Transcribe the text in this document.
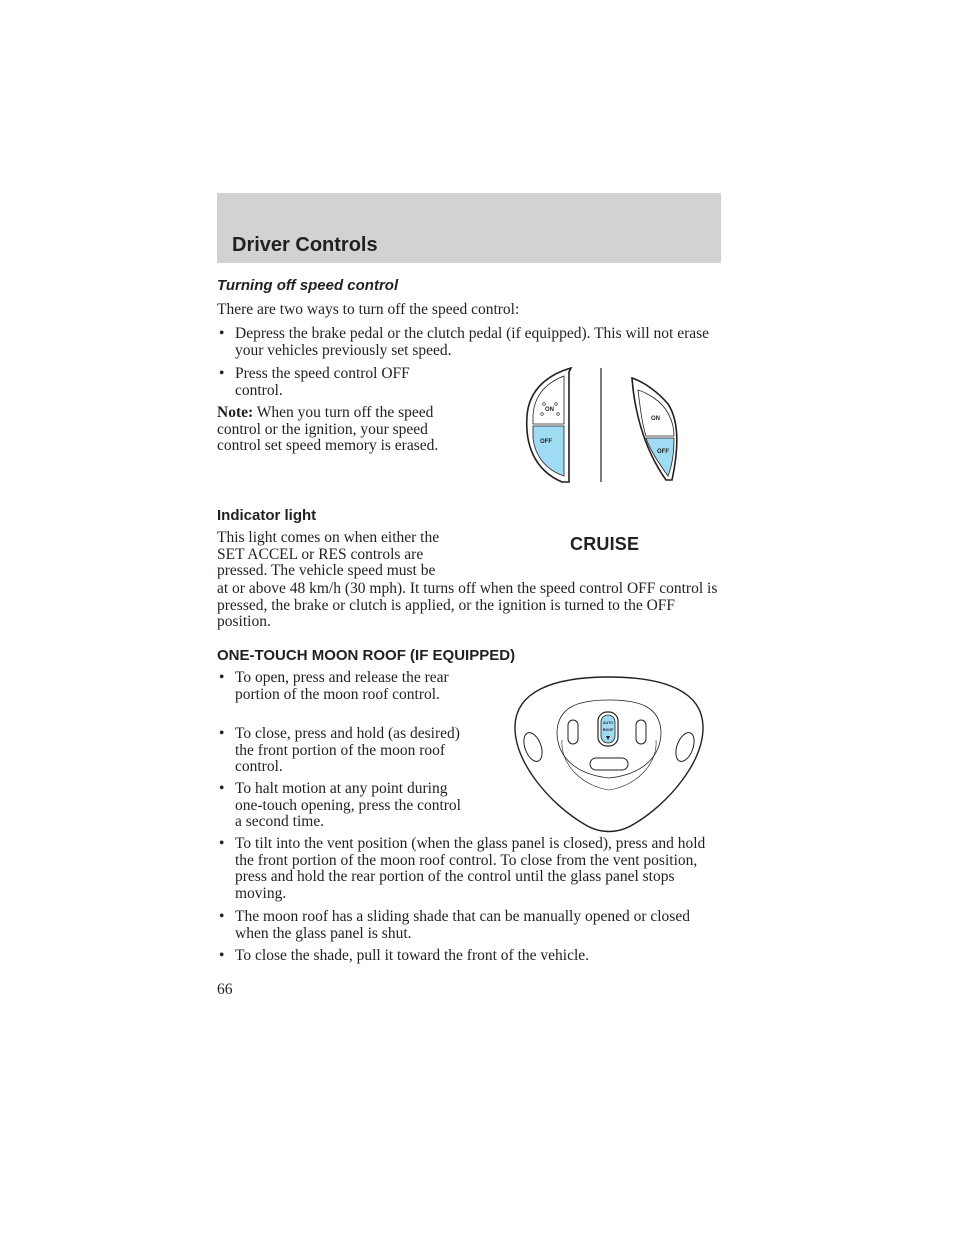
Driver Controls
Turning off speed control

There are two ways to turn off the speed control:

• Depress the brake pedal or the clutch pedal (if equipped). This will not erase your vehicles previously set speed.

• Press the speed control OFF control.

Note: When you turn off the speed control or the ignition, your speed control set speed memory is erased.

ON
OFF
ON
OFF
Indicator light

This light comes on when either the

SET ACCEL or RES controls are

pressed. The vehicle speed must be

at or above 48 km/h (30 mph). It turns off when the speed control OFF control is pressed, the brake or clutch is applied, or the ignition is turned to the OFF position.

CRUISE
ONE-TOUCH MOON ROOF (IF EQUIPPED)

• To open, press and release the rear portion of the moon roof control.

• To close, press and hold (as desired) the front portion of the moon roof control.

• To halt motion at any point during one-touch opening, press the control a second time.

• To tilt into the vent position (when the glass panel is closed), press and hold the front portion of the moon roof control. To close from the vent position, press and hold the rear portion of the control until the glass panel stops moving.

• The moon roof has a sliding shade that can be manually opened or closed when the glass panel is shut.

• To close the shade, pull it toward the front of the vehicle.

AUTO
ROOF
66
